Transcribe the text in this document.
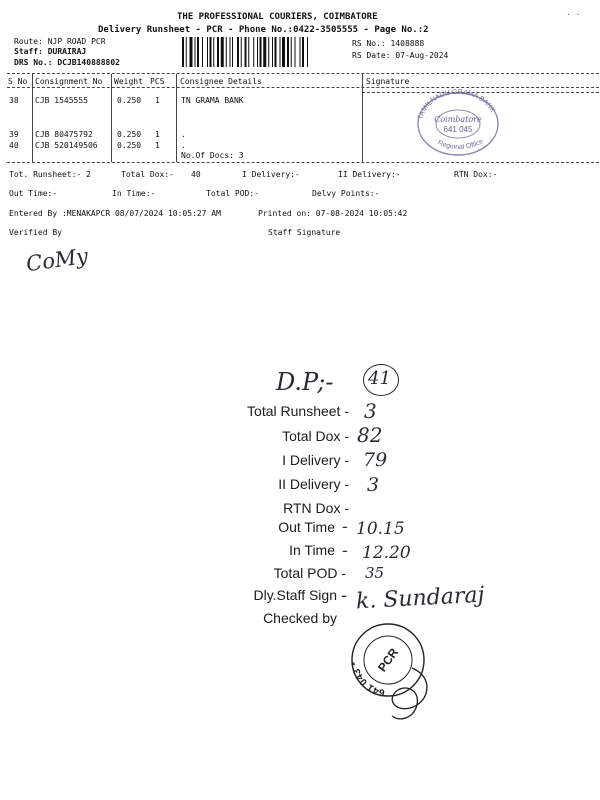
THE PROFESSIONAL COURIERS, COIMBATORE
Delivery Runsheet - PCR - Phone No.:0422-3505555 - Page No.:2
Route: NJP ROAD PCR
Staff: DURAIRAJ
DRS No.: DCJB140888802
RS No.: 1408888
RS Date: 07-Aug-2024
S No Consignment No Weight PCS Consignee Details	Signature
38 CJB 1545555	0.250 1	TN GRAMA BANK
39 CJB 80475792	0.250 1	.
40 CJB 520149506 0.250 1	.
No.Of Docs: 3
TAMILNADU GRAMA BANK
Regional Office
Coimbatore
641 045
Tot. Runsheet:- 2	Total Dox:- 40	I Delivery:-	II Delivery:-	RTN Dox:-
Out Time:-	In Time:-	Total POD:-	Delvy Points:-
Entered By :MENAKAPCR 08/07/2024 10:05:27 AM	Printed on: 07-08-2024 10:05:42
Verified By	Staff Signature
CoMy
D.P;- 41
Total Runsheet - 3
Total Dox - 82
I Delivery - 79
II Delivery - 3
RTN Dox -
Out Time - 10.15
In Time - 12.20
Total POD - 35
Dly.Staff Sign - k. Sundaraj
Checked by
641 043 *	PCR
· ·
